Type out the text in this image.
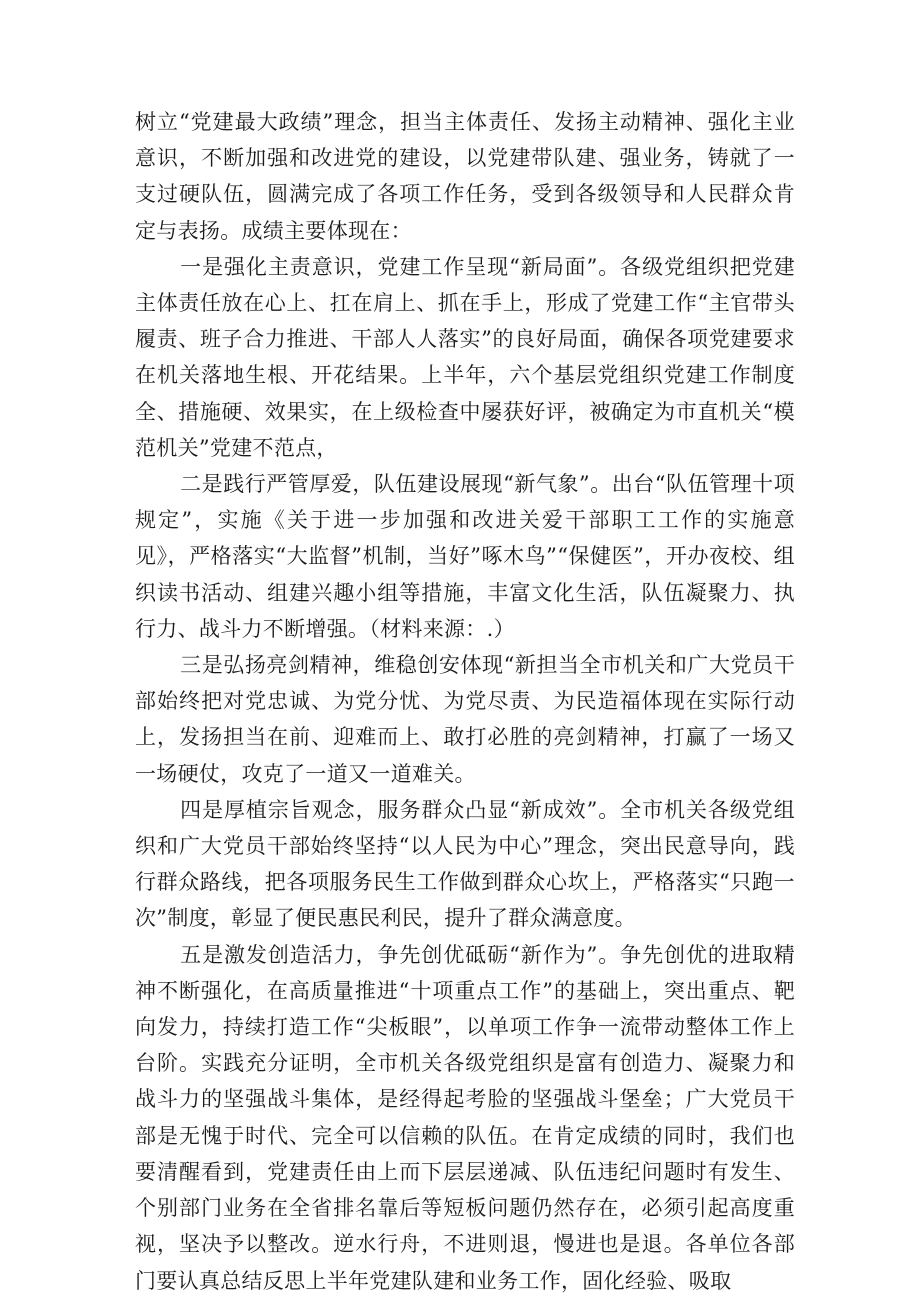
树立“党建最大政绩”理念，担当主体责任、发扬主动精神、强化主业意识，不断加强和改进党的建设，以党建带队建、强业务，铸就了一支过硬队伍，圆满完成了各项工作任务，受到各级领导和人民群众肯定与表扬。成绩主要体现在：

一是强化主责意识，党建工作呈现“新局面”。各级党组织把党建主体责任放在心上、扛在肩上、抓在手上，形成了党建工作“主官带头履责、班子合力推进、干部人人落实”的良好局面，确保各项党建要求在机关落地生根、开花结果。上半年，六个基层党组织党建工作制度全、措施硬、效果实，在上级检查中屡获好评，被确定为市直机关“模范机关”党建不范点，

二是践行严管厚爱，队伍建设展现“新气象”。出台“队伍管理十项规定”，实施《关于进一步加强和改进关爱干部职工工作的实施意见》，严格落实“大监督”机制，当好”啄木鸟”“保健医”，开办夜校、组织读书活动、组建兴趣小组等措施，丰富文化生活，队伍凝聚力、执行力、战斗力不断增强。（材料来源：.）

三是弘扬亮剑精神，维稳创安体现“新担当全市机关和广大党员干部始终把对党忠诚、为党分忧、为党尽责、为民造福体现在实际行动上，发扬担当在前、迎难而上、敢打必胜的亮剑精神，打赢了一场又一场硬仗，攻克了一道又一道难关。

四是厚植宗旨观念，服务群众凸显“新成效”。全市机关各级党组织和广大党员干部始终坚持“以人民为中心”理念，突出民意导向，践行群众路线，把各项服务民生工作做到群众心坎上，严格落实“只跑一次”制度，彰显了便民惠民利民，提升了群众满意度。

五是激发创造活力，争先创优砥砺“新作为”。争先创优的进取精神不断强化，在高质量推进“十项重点工作”的基础上，突出重点、靶向发力，持续打造工作“尖板眼”，以单项工作争一流带动整体工作上台阶。实践充分证明，全市机关各级党组织是富有创造力、凝聚力和战斗力的坚强战斗集体，是经得起考脸的坚强战斗堡垒；广大党员干部是无愧于时代、完全可以信赖的队伍。在肯定成绩的同时，我们也要清醒看到，党建责任由上而下层层递减、队伍违纪问题时有发生、个别部门业务在全省排名靠后等短板问题仍然存在，必须引起高度重视，坚决予以整改。逆水行舟，不进则退，慢进也是退。各单位各部门要认真总结反思上半年党建队建和业务工作，固化经验、吸取
